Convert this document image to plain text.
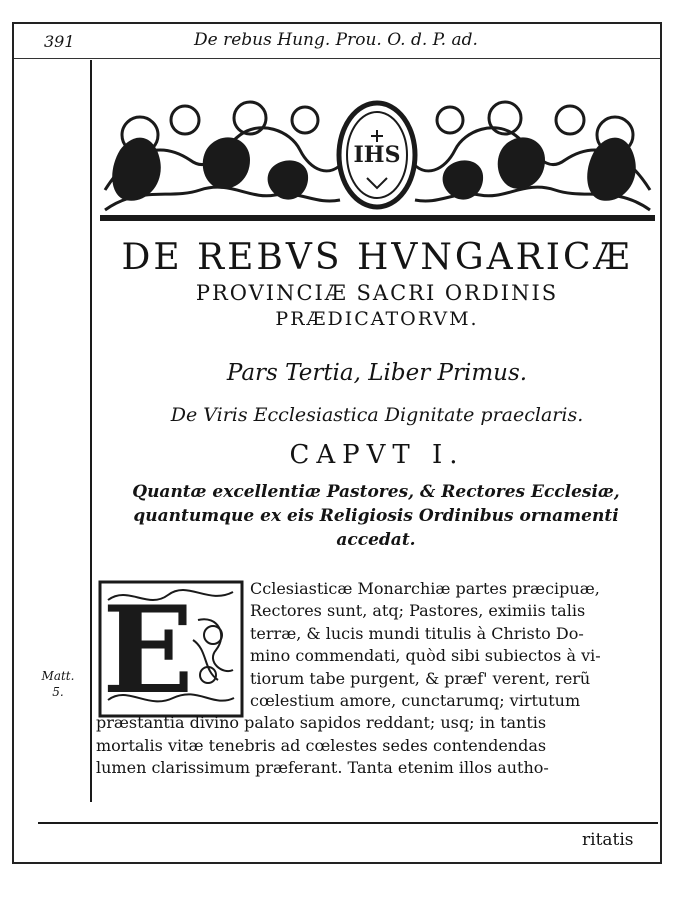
391	De rebus Hung. Prou. O. d. P. ad.
IHS

DE REBVS HVNGARICÆ

PROVINCIÆ SACRI ORDINIS

PRÆDICATORVM.

Pars Tertia, Liber Primus.
De Viris Ecclesiastica Dignitate praeclaris.
CAPVT I.
Quantæ excellentiæ Pastores, & Rectores Ecclesiæ,
quantumque ex eis Religiosis Ordinibus ornamenti
accedat.
E	Cclesiasticæ Monarchiæ partes præcipuæ,
Rectores sunt, atq; Pastores, eximiis talis
terræ, & lucis mundi titulis à Christo Do-
mino commendati, quòd sibi subiectos à vi-
tiorum tabe purgent, & præf' verent, rerũ
cœlestium amore, cunctarumq; virtutum
præstantia divino palato sapidos reddant; usq; in tantis
mortalis vitæ tenebris ad cœlestes sedes contendendas
lumen clarissimum præferant. Tanta etenim illos autho-
Matt.
5.
ritatis
